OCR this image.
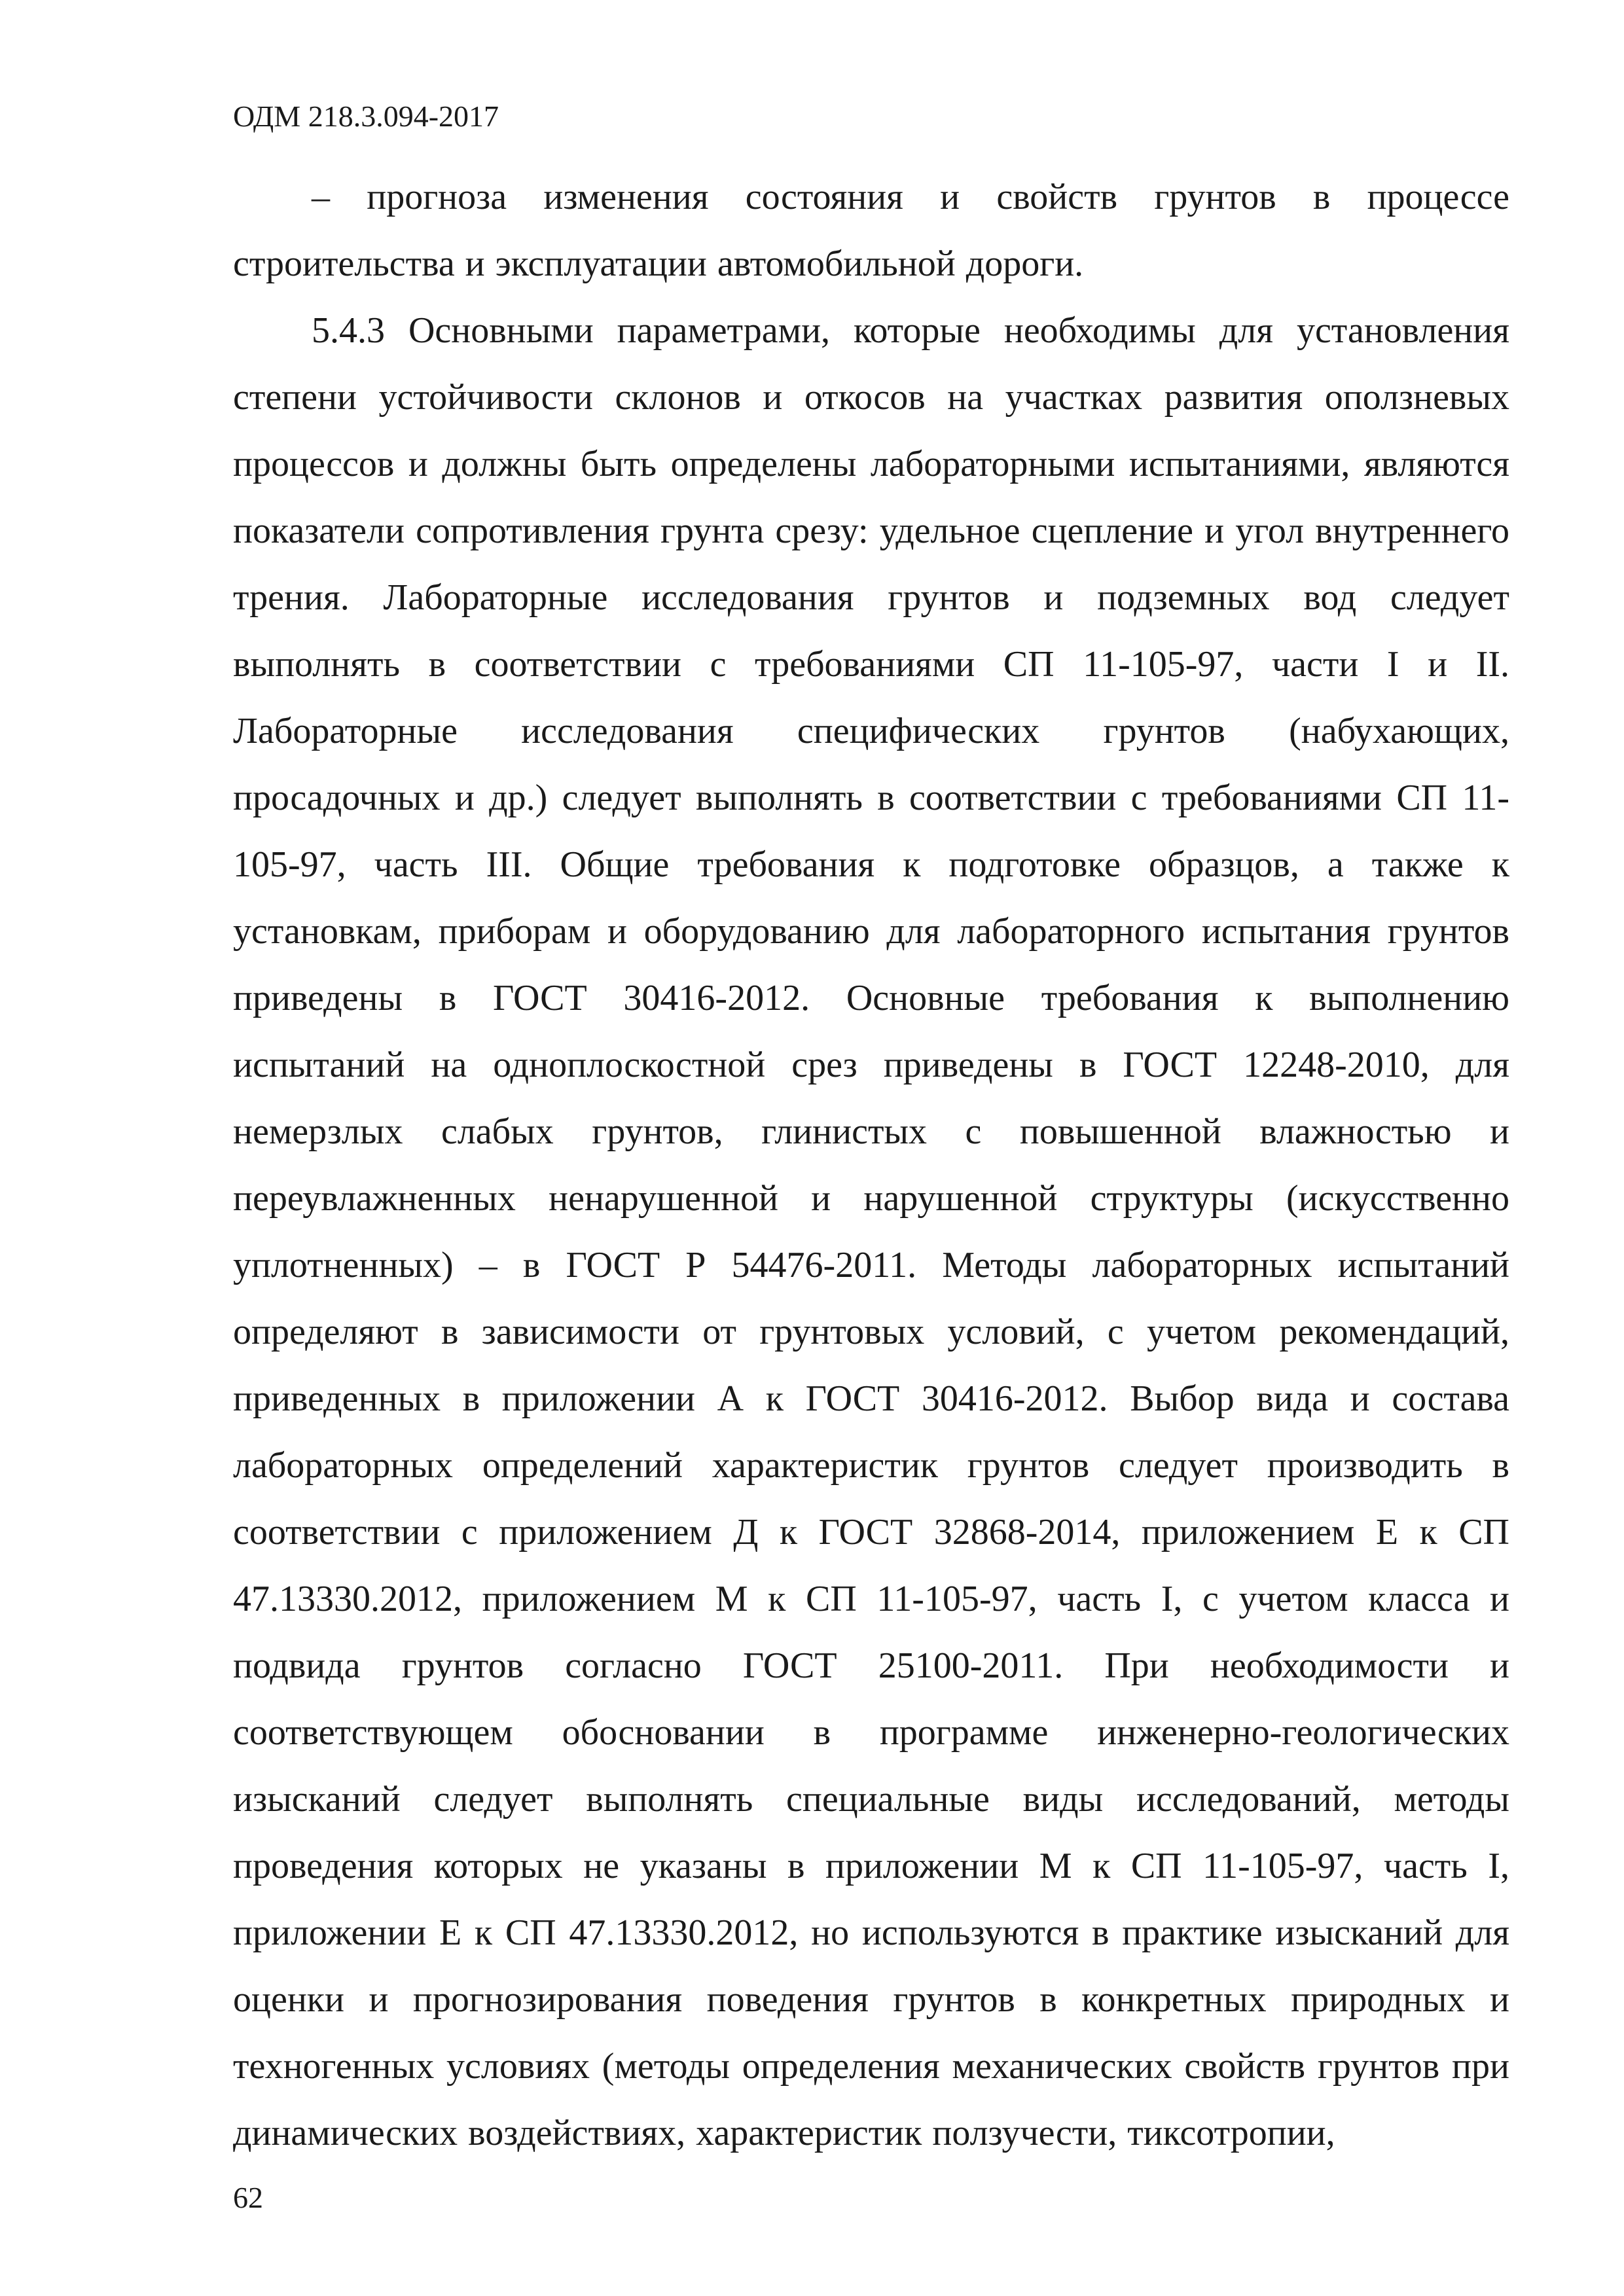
ОДМ 218.3.094-2017

– прогноза изменения состояния и свойств грунтов в процессе строительства и эксплуатации автомобильной дороги.

5.4.3 Основными параметрами, которые необходимы для установления степени устойчивости склонов и откосов на участках развития оползневых процессов и должны быть определены лабораторными испытаниями, являются показатели сопротивления грунта срезу: удельное сцепление и угол внутреннего трения. Лабораторные исследования грунтов и подземных вод следует выполнять в соответствии с требованиями СП 11-105-97, части I и II. Лабораторные исследования специфических грунтов (набухающих, просадочных и др.) следует выполнять в соответствии с требованиями СП 11-105-97, часть III. Общие требования к подготовке образцов, а также к установкам, приборам и оборудованию для лабораторного испытания грунтов приведены в ГОСТ 30416-2012. Основные требования к выполнению испытаний на одноплоскостной срез приведены в ГОСТ 12248-2010, для немерзлых слабых грунтов, глинистых с повышенной влажностью и переувлажненных ненарушенной и нарушенной структуры (искусственно уплотненных) – в ГОСТ Р 54476-2011. Методы лабораторных испытаний определяют в зависимости от грунтовых условий, с учетом рекомендаций, приведенных в приложении А к ГОСТ 30416-2012. Выбор вида и состава лабораторных определений характеристик грунтов следует производить в соответствии с приложением Д к ГОСТ 32868-2014, приложением Е к СП 47.13330.2012, приложением М к СП 11-105-97, часть I, с учетом класса и подвида грунтов согласно ГОСТ 25100-2011. При необходимости и соответствующем обосновании в программе инженерно-геологических изысканий следует выполнять специальные виды исследований, методы проведения которых не указаны в приложении М к СП 11-105-97, часть I, приложении Е к СП 47.13330.2012, но используются в практике изысканий для оценки и прогнозирования поведения грунтов в конкретных природных и техногенных условиях (методы определения механических свойств грунтов при динамических воздействиях, характеристик ползучести, тиксотропии,

62
